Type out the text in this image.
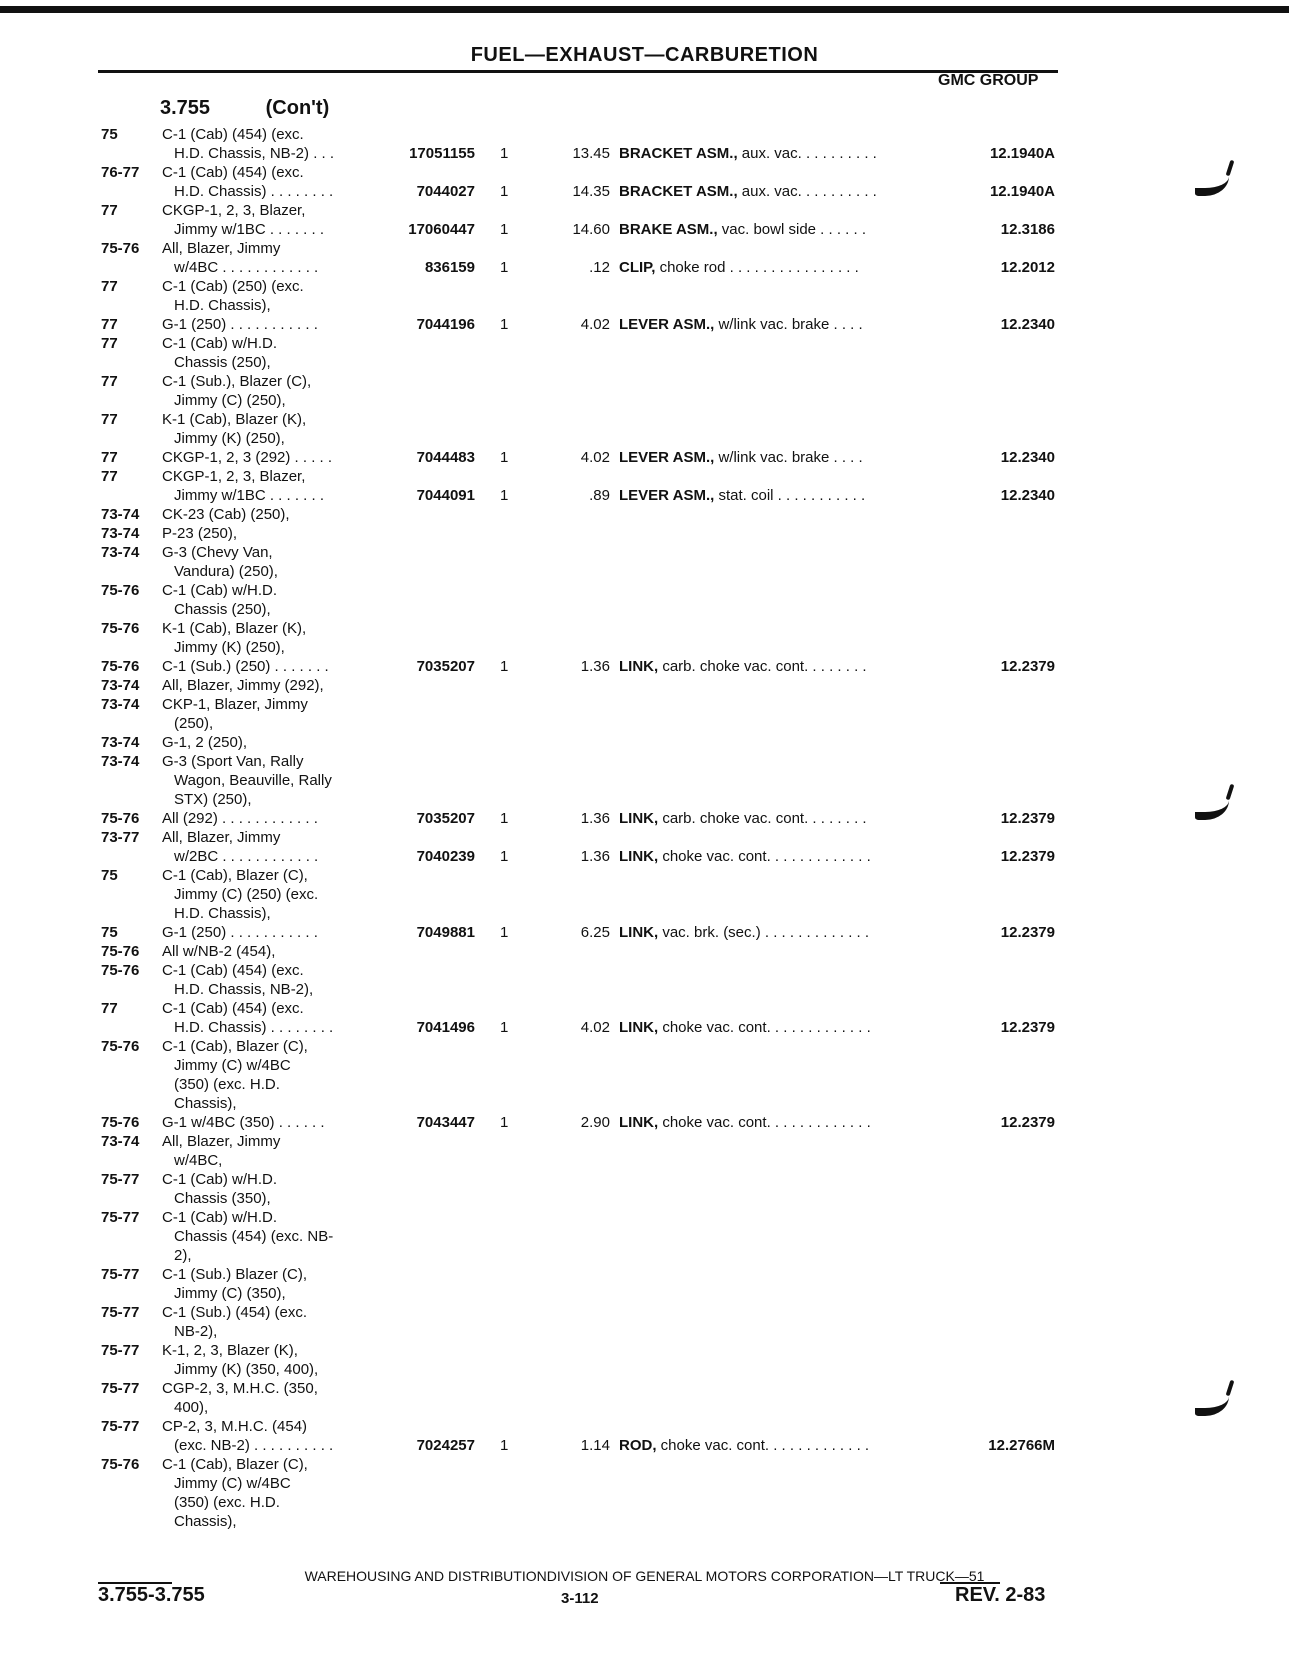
FUEL—EXHAUST—CARBURETION
GMC GROUP
3.755	(Con't)
75	C-1 (Cab) (454) (exc.
H.D. Chassis, NB-2) . . .	17051155 1	13.45 BRACKET ASM., aux. vac. . . . . . . . . .	12.1940A
76-77 C-1 (Cab) (454) (exc.
H.D. Chassis) . . . . . . . .	7044027 1	14.35 BRACKET ASM., aux. vac. . . . . . . . . .	12.1940A
77	CKGP-1, 2, 3, Blazer,
Jimmy w/1BC . . . . . . .	17060447 1	14.60 BRAKE ASM., vac. bowl side . . . . . .	12.3186
75-76 All, Blazer, Jimmy
w/4BC . . . . . . . . . . . .	836159 1	.12 CLIP, choke rod . . . . . . . . . . . . . . . .	12.2012
77	C-1 (Cab) (250) (exc.
H.D. Chassis),
77	G-1 (250) . . . . . . . . . . .	7044196 1	4.02 LEVER ASM., w/link vac. brake . . . .	12.2340
77	C-1 (Cab) w/H.D.
Chassis (250),
77	C-1 (Sub.), Blazer (C),
Jimmy (C) (250),
77	K-1 (Cab), Blazer (K),
Jimmy (K) (250),
77	CKGP-1, 2, 3 (292) . . . . .	7044483 1	4.02 LEVER ASM., w/link vac. brake . . . .	12.2340
77	CKGP-1, 2, 3, Blazer,
Jimmy w/1BC . . . . . . .	7044091 1	.89 LEVER ASM., stat. coil . . . . . . . . . . .	12.2340
73-74 CK-23 (Cab) (250),
73-74 P-23 (250),
73-74 G-3 (Chevy Van,
Vandura) (250),
75-76 C-1 (Cab) w/H.D.
Chassis (250),
75-76 K-1 (Cab), Blazer (K),
Jimmy (K) (250),
75-76 C-1 (Sub.) (250) . . . . . . .	7035207 1	1.36 LINK, carb. choke vac. cont. . . . . . . .	12.2379
73-74 All, Blazer, Jimmy (292),
73-74 CKP-1, Blazer, Jimmy
(250),
73-74 G-1, 2 (250),
73-74 G-3 (Sport Van, Rally
Wagon, Beauville, Rally
STX) (250),
75-76 All (292) . . . . . . . . . . . .	7035207 1	1.36 LINK, carb. choke vac. cont. . . . . . . .	12.2379
73-77 All, Blazer, Jimmy
w/2BC . . . . . . . . . . . .	7040239 1	1.36 LINK, choke vac. cont. . . . . . . . . . . . .	12.2379
75	C-1 (Cab), Blazer (C),
Jimmy (C) (250) (exc.
H.D. Chassis),
75	G-1 (250) . . . . . . . . . . .	7049881 1	6.25 LINK, vac. brk. (sec.) . . . . . . . . . . . . .	12.2379
75-76 All w/NB-2 (454),
75-76 C-1 (Cab) (454) (exc.
H.D. Chassis, NB-2),
77	C-1 (Cab) (454) (exc.
H.D. Chassis) . . . . . . . .	7041496 1	4.02 LINK, choke vac. cont. . . . . . . . . . . . .	12.2379
75-76 C-1 (Cab), Blazer (C),
Jimmy (C) w/4BC
(350) (exc. H.D.
Chassis),
75-76 G-1 w/4BC (350) . . . . . .	7043447 1	2.90 LINK, choke vac. cont. . . . . . . . . . . . .	12.2379
73-74 All, Blazer, Jimmy
w/4BC,
75-77 C-1 (Cab) w/H.D.
Chassis (350),
75-77 C-1 (Cab) w/H.D.
Chassis (454) (exc. NB-
2),
75-77 C-1 (Sub.) Blazer (C),
Jimmy (C) (350),
75-77 C-1 (Sub.) (454) (exc.
NB-2),
75-77 K-1, 2, 3, Blazer (K),
Jimmy (K) (350, 400),
75-77 CGP-2, 3, M.H.C. (350,
400),
75-77 CP-2, 3, M.H.C. (454)
(exc. NB-2) . . . . . . . . . .	7024257 1	1.14 ROD, choke vac. cont. . . . . . . . . . . . .	12.2766M
75-76 C-1 (Cab), Blazer (C),
Jimmy (C) w/4BC
(350) (exc. H.D.
Chassis),
WAREHOUSING AND DISTRIBUTIONDIVISION OF GENERAL MOTORS CORPORATION—LT TRUCK—51
3.755-3.755	3-112	REV. 2-83
